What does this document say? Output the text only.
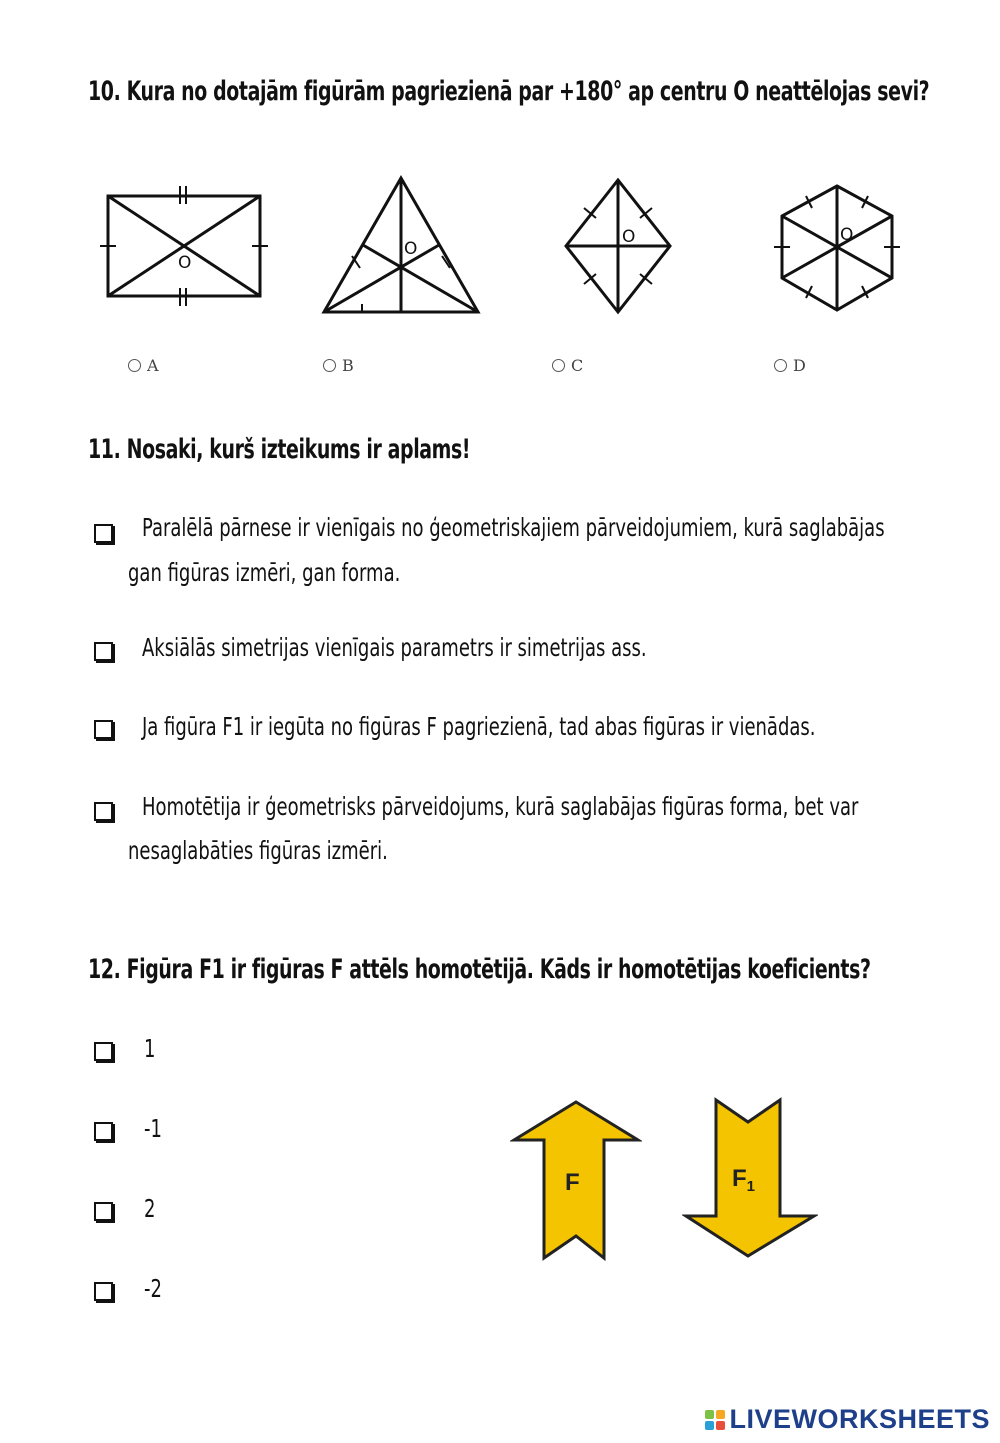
10. Kura no dotajām figūrām pagriezienā par +180° ap centru O neattēlojas sevi?
O
O
O	O
A	B	C	D
11. Nosaki, kurš izteikums ir aplams!
Paralēlā pārnese ir vienīgais no ģeometriskajiem pārveidojumiem, kurā saglabājas
gan figūras izmēri, gan forma.
Aksiālās simetrijas vienīgais parametrs ir simetrijas ass.
Ja figūra F1 ir iegūta no figūras F pagriezienā, tad abas figūras ir vienādas.
Homotētija ir ģeometrisks pārveidojums, kurā saglabājas figūras forma, bet var
nesaglabāties figūras izmēri.
12. Figūra F1 ir figūras F attēls homotētijā. Kāds ir homotētijas koeficients?
1
-1
2
-2
F	$F_1$
LIVEWORKSHEETS
